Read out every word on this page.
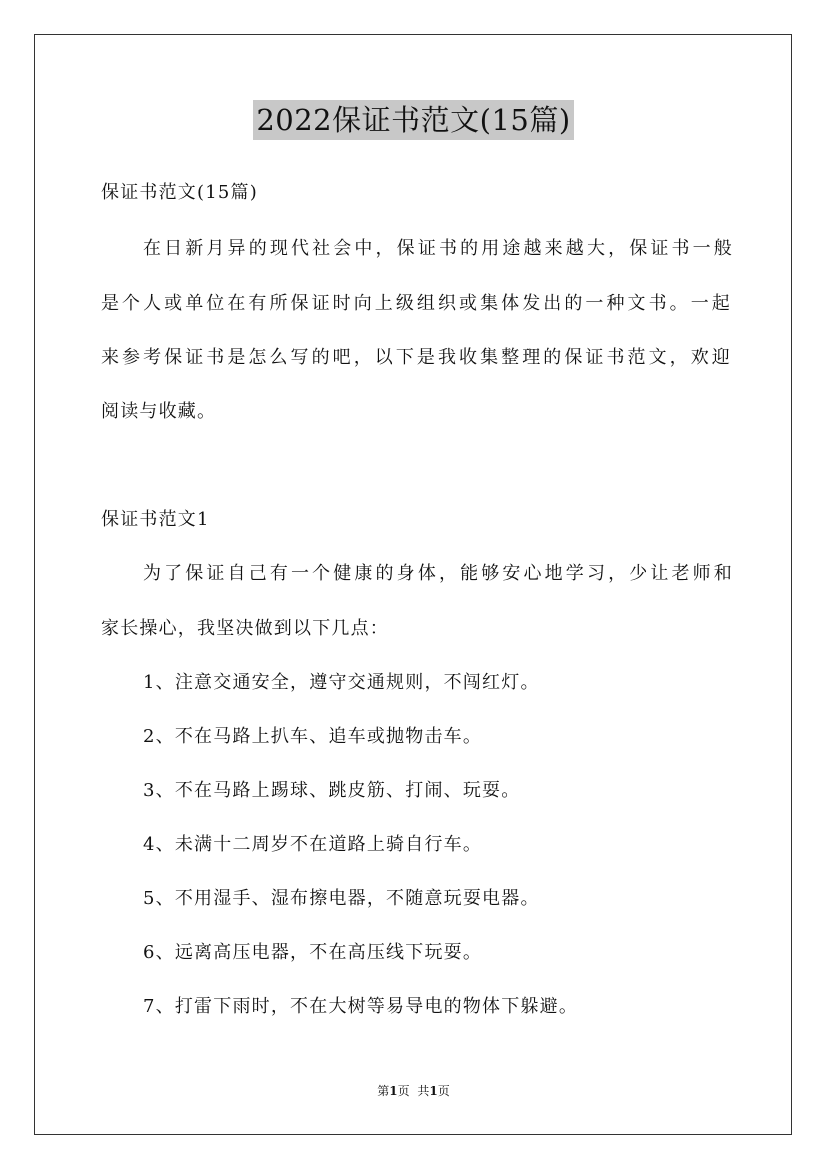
2022保证书范文(15篇)
保证书范文(15篇)
在日新月异的现代社会中，保证书的用途越来越大，保证书一般
是个人或单位在有所保证时向上级组织或集体发出的一种文书。一起
来参考保证书是怎么写的吧，以下是我收集整理的保证书范文，欢迎
阅读与收藏。
保证书范文1
为了保证自己有一个健康的身体，能够安心地学习，少让老师和
家长操心，我坚决做到以下几点：
1、注意交通安全，遵守交通规则，不闯红灯。
2、不在马路上扒车、追车或抛物击车。
3、不在马路上踢球、跳皮筋、打闹、玩耍。
4、未满十二周岁不在道路上骑自行车。
5、不用湿手、湿布擦电器，不随意玩耍电器。
6、远离高压电器，不在高压线下玩耍。
7、打雷下雨时，不在大树等易导电的物体下躲避。
第1页 共1页
